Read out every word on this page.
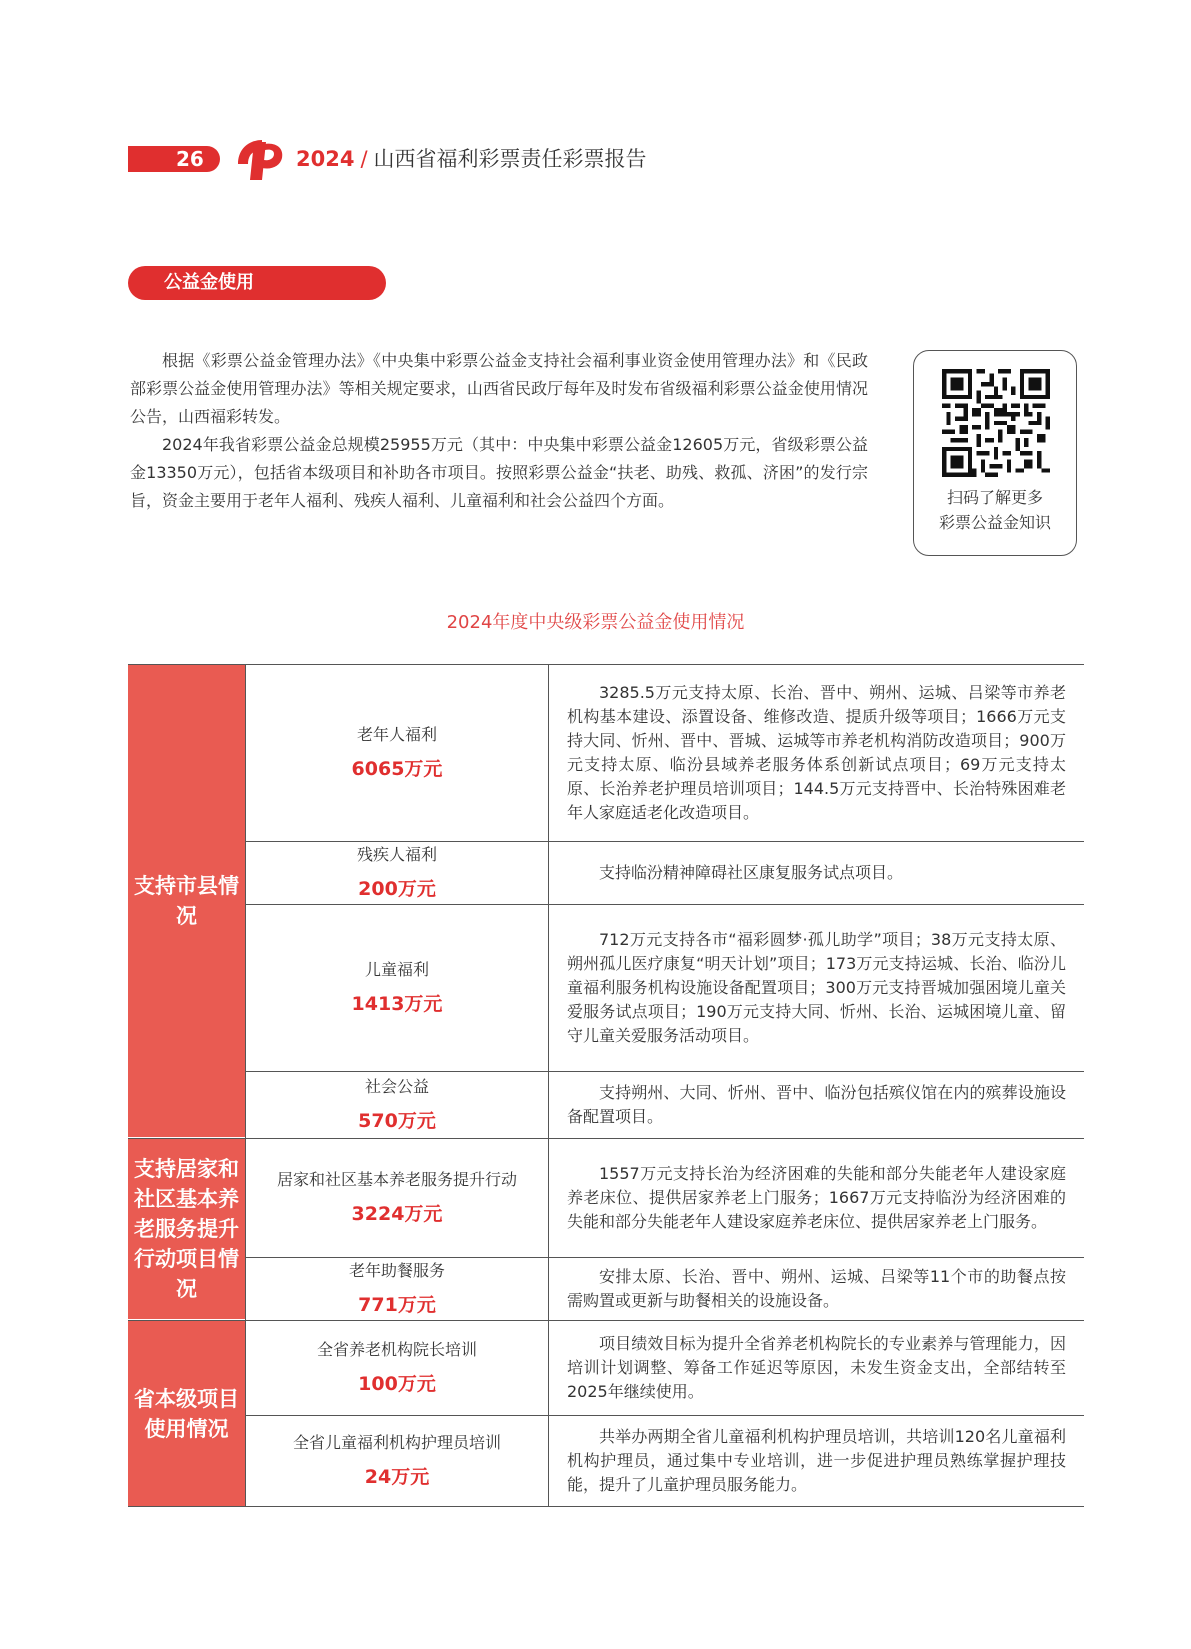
26	2024 / 山西省福利彩票责任彩票报告
公益金使用

根据《彩票公益金管理办法》《中央集中彩票公益金支持社会福利事业资金使用管理办法》和《民政部彩票公益金使用管理办法》等相关规定要求，山西省民政厅每年及时发布省级福利彩票公益金使用情况公告，山西福彩转发。

2024年我省彩票公益金总规模25955万元（其中：中央集中彩票公益金12605万元，省级彩票公益金13350万元），包括省本级项目和补助各市项目。按照彩票公益金“扶老、助残、救孤、济困”的发行宗旨，资金主要用于老年人福利、残疾人福利、儿童福利和社会公益四个方面。	扫码了解更多
彩票公益金知识
2024年度中央级彩票公益金使用情况
支持市县情况
老年人福利
6065万元
3285.5万元支持太原、长治、晋中、朔州、运城、吕梁等市养老机构基本建设、添置设备、维修改造、提质升级等项目；1666万元支持大同、忻州、晋中、晋城、运城等市养老机构消防改造项目；900万元支持太原、临汾县域养老服务体系创新试点项目；69万元支持太原、长治养老护理员培训项目；144.5万元支持晋中、长治特殊困难老年人家庭适老化改造项目。
残疾人福利
200万元
支持临汾精神障碍社区康复服务试点项目。
儿童福利
1413万元
712万元支持各市“福彩圆梦·孤儿助学”项目；38万元支持太原、朔州孤儿医疗康复“明天计划”项目；173万元支持运城、长治、临汾儿童福利服务机构设施设备配置项目；300万元支持晋城加强困境儿童关爱服务试点项目；190万元支持大同、忻州、长治、运城困境儿童、留守儿童关爱服务活动项目。
社会公益
570万元
支持朔州、大同、忻州、晋中、临汾包括殡仪馆在内的殡葬设施设备配置项目。
支持居家和社区基本养老服务提升行动项目情况
居家和社区基本养老服务提升行动
3224万元
1557万元支持长治为经济困难的失能和部分失能老年人建设家庭养老床位、提供居家养老上门服务；1667万元支持临汾为经济困难的失能和部分失能老年人建设家庭养老床位、提供居家养老上门服务。
老年助餐服务
771万元
安排太原、长治、晋中、朔州、运城、吕梁等11个市的助餐点按需购置或更新与助餐相关的设施设备。
省本级项目使用情况
全省养老机构院长培训
100万元
项目绩效目标为提升全省养老机构院长的专业素养与管理能力，因培训计划调整、筹备工作延迟等原因，未发生资金支出，全部结转至2025年继续使用。
全省儿童福利机构护理员培训
24万元
共举办两期全省儿童福利机构护理员培训，共培训120名儿童福利机构护理员，通过集中专业培训，进一步促进护理员熟练掌握护理技能，提升了儿童护理员服务能力。
